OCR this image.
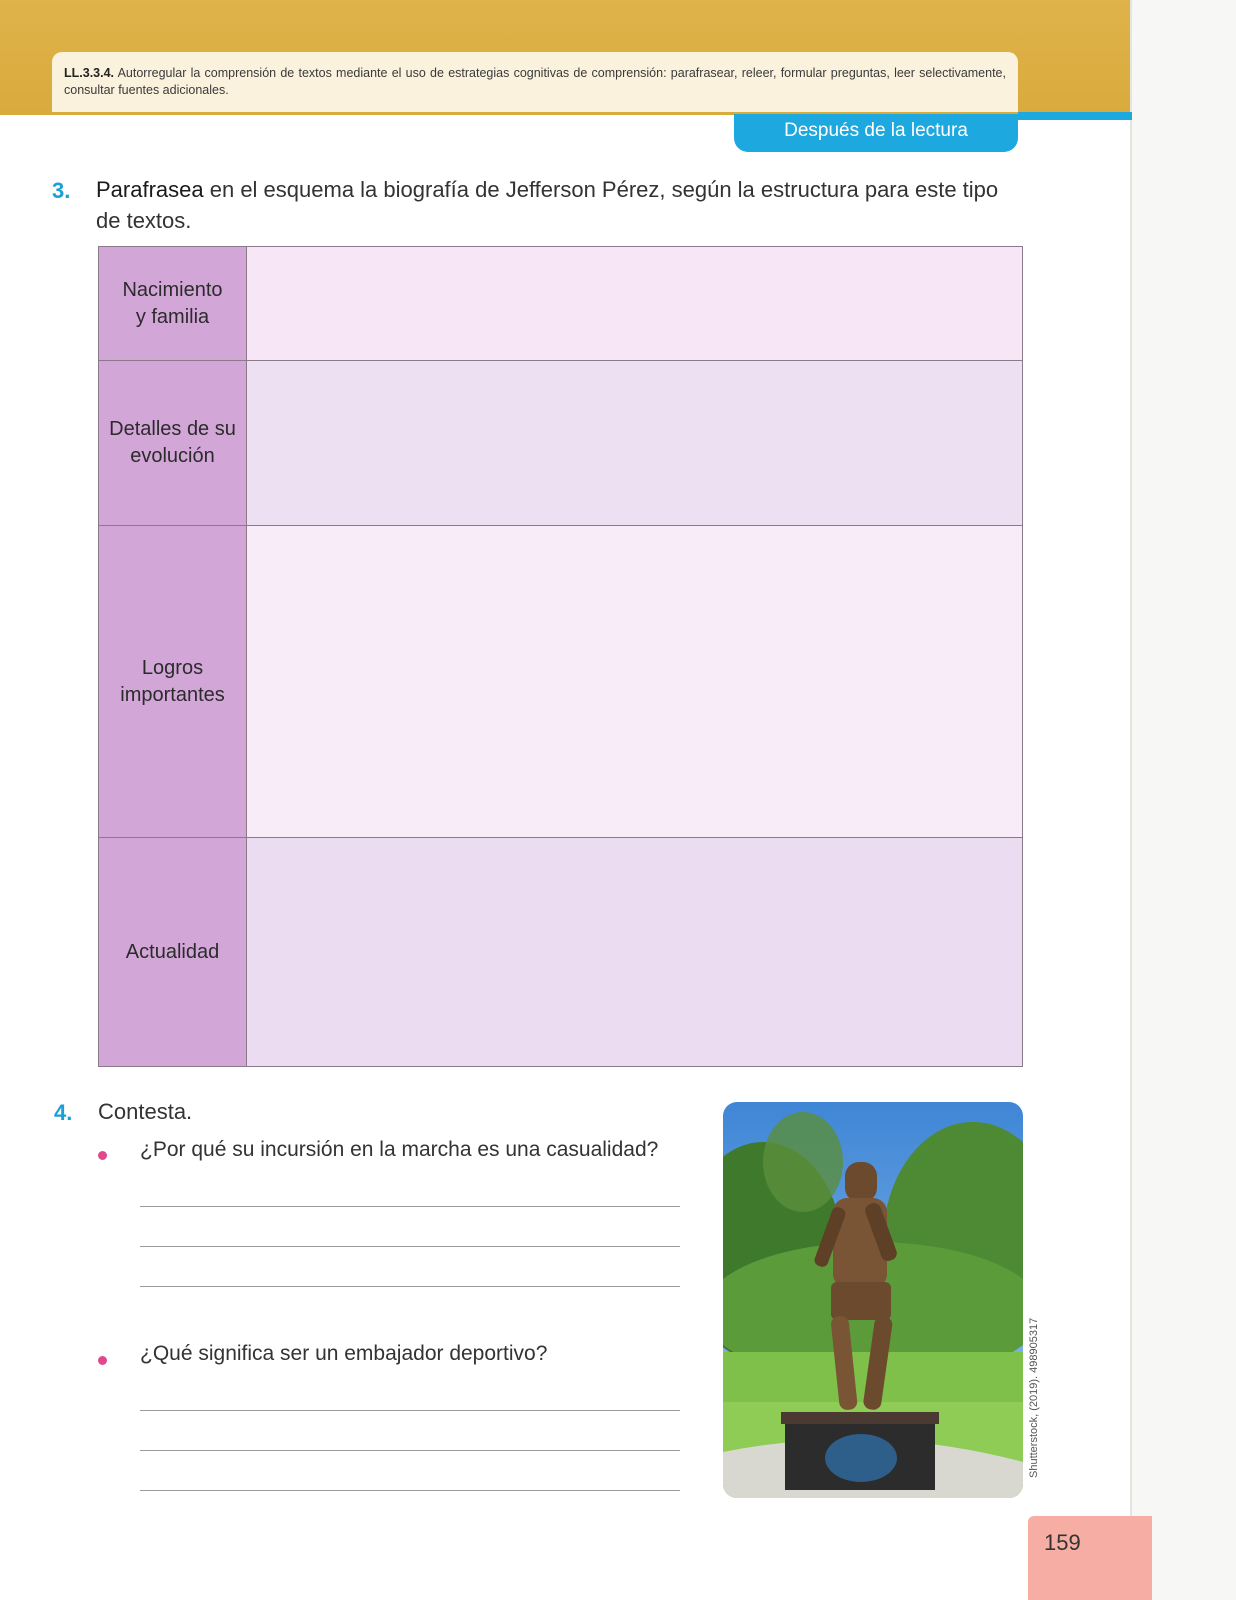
LL.3.3.4. Autorregular la comprensión de textos mediante el uso de estrategias cognitivas de comprensión: parafrasear, releer, formular preguntas, leer selectivamente, consultar fuentes adicionales.
Después de la lectura
3. Parafrasea en el esquema la biografía de Jefferson Pérez, según la estructura para este tipo de textos.
Nacimiento y familia
Detalles de su evolución
Logros importantes
Actualidad
4. Contesta.
¿Por qué su incursión en la marcha es una casualidad?
¿Qué significa ser un embajador deportivo?	Shutterstock, (2019). 498905317
159
